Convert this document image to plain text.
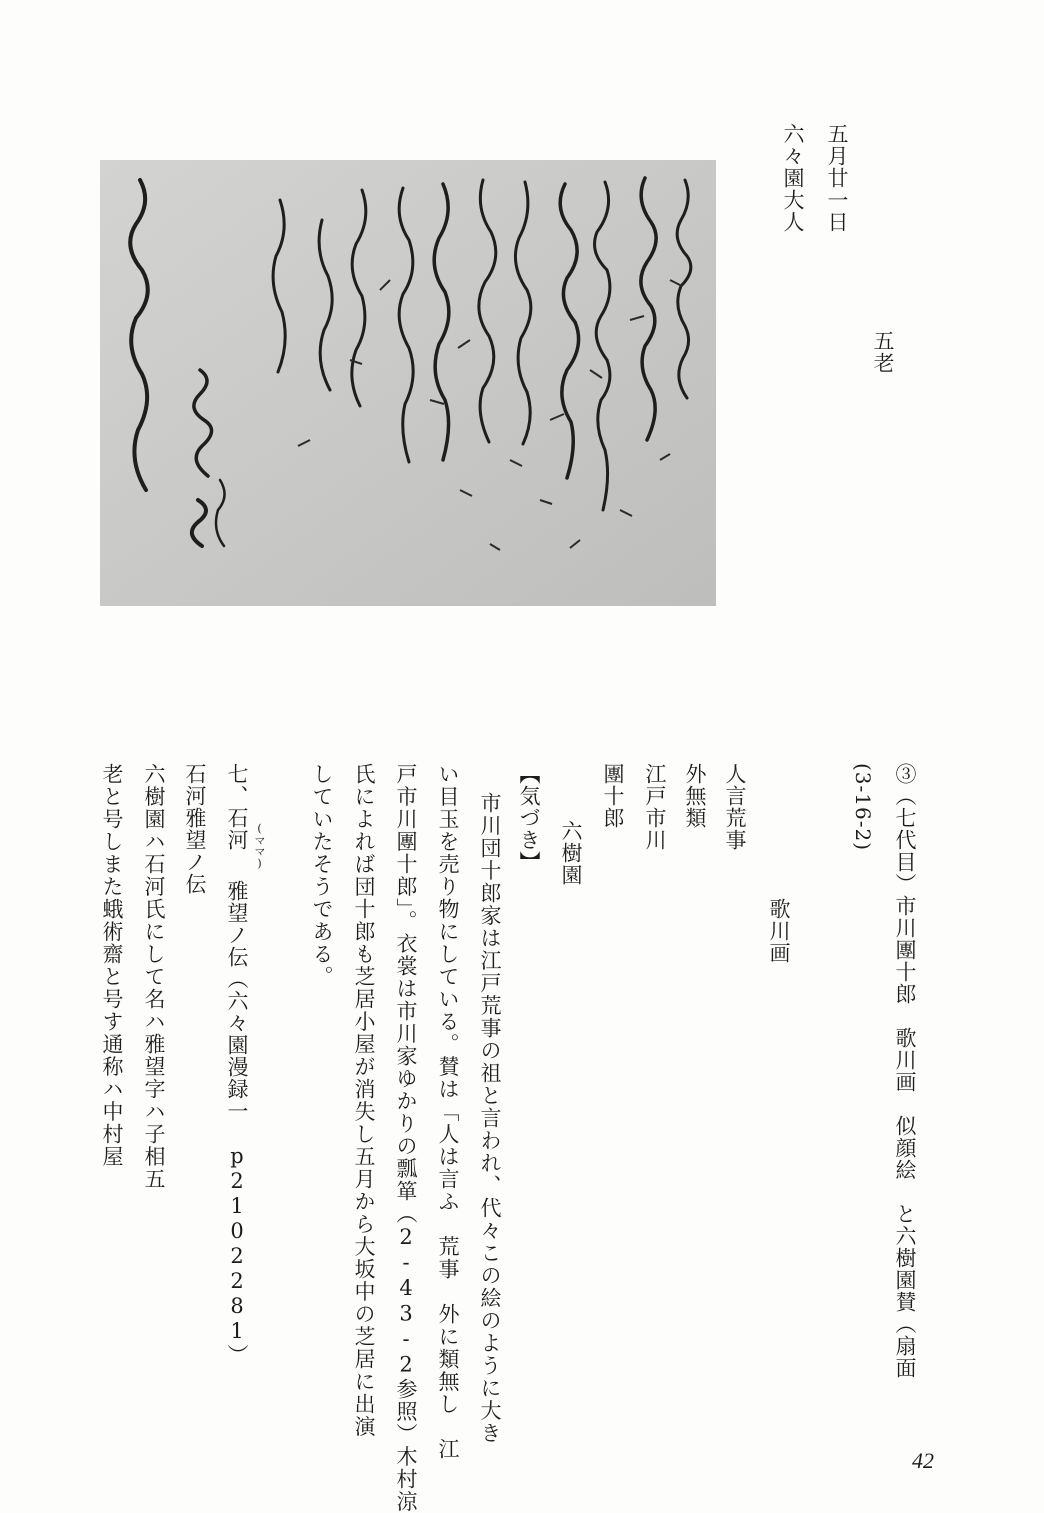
五月廿一日
六々園大人
五老
③（七代目）市川團十郎　歌川画　似顔絵　と六樹園賛（扇面
(3-16-2)
歌川画
人言荒事
外無類
江戸市川
團十郎
六樹園
【気づき】
市川団十郎家は江戸荒事の祖と言われ、代々この絵のように大き
い目玉を売り物にしている。賛は「人は言ふ　荒事　外に類無し　江
戸市川團十郎」。衣裳は市川家ゆかりの瓢箪（2-43-2参照）木村涼
氏によれば団十郎も芝居小屋が消失し五月から大坂中の芝居に出演
していたそうである。
七、石河 (ママ)
雅望ノ伝（六々園漫録一　p2102281）
石河雅望ノ伝
六樹園ハ石河氏にして名ハ雅望字ハ子相五
老と号しまた蛾術齋と号す通称ハ中村屋
42
